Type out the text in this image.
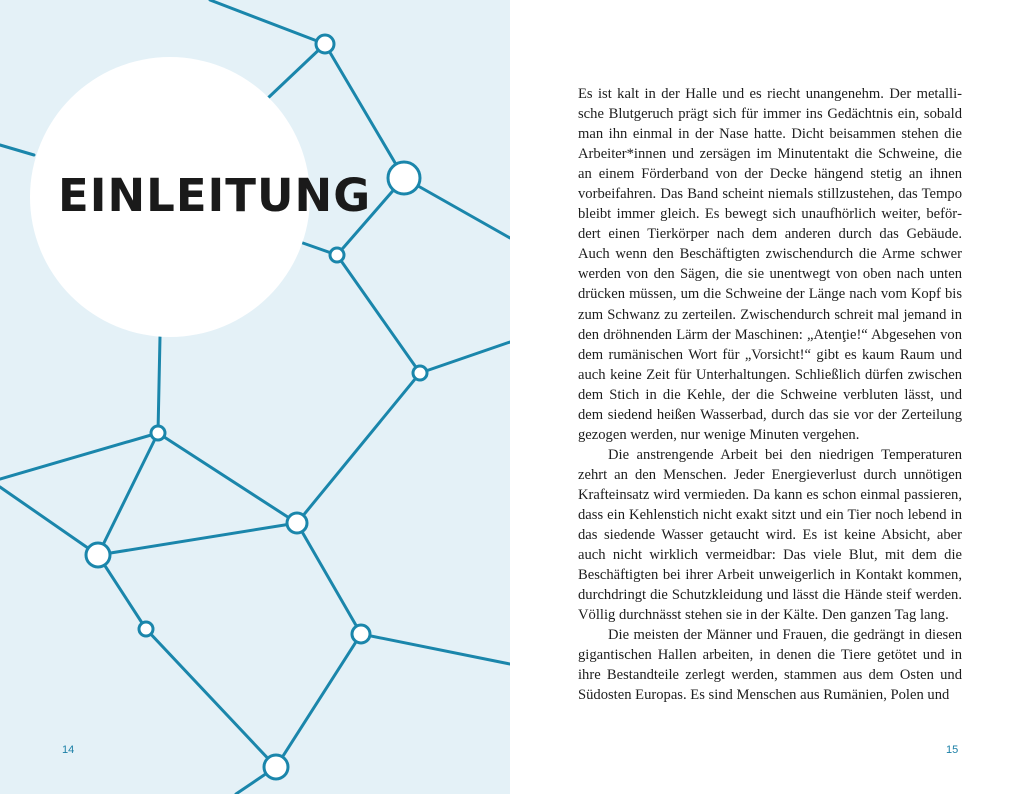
EINLEITUNG
14

Es ist kalt in der Halle und es riecht unangenehm. Der metallische Blutgeruch prägt sich für immer ins Gedächtnis ein, sobald man ihn einmal in der Nase hatte. Dicht beisammen stehen die Arbeiter*innen und zersägen im Minutentakt die Schweine, die an einem Förderband von der Decke hängend stetig an ihnen vorbeifahren. Das Band scheint niemals stillzustehen, das Tempo bleibt immer gleich. Es bewegt sich unaufhörlich weiter, befördert einen Tierkörper nach dem anderen durch das Gebäude. Auch wenn den Beschäftigten zwischendurch die Arme schwer werden von den Sägen, die sie unentwegt von oben nach unten drücken müssen, um die Schweine der Länge nach vom Kopf bis zum Schwanz zu zerteilen. Zwischendurch schreit mal jemand in den dröhnenden Lärm der Maschinen: „Atenţie!“ Abgesehen von dem rumänischen Wort für „Vorsicht!“ gibt es kaum Raum und auch keine Zeit für Unterhaltungen. Schließlich dürfen zwischen dem Stich in die Kehle, der die Schweine verbluten lässt, und dem siedend heißen Wasserbad, durch das sie vor der Zerteilung gezogen werden, nur wenige Minuten vergehen.

Die anstrengende Arbeit bei den niedrigen Temperaturen zehrt an den Menschen. Jeder Energieverlust durch unnötigen Krafteinsatz wird vermieden. Da kann es schon einmal passieren, dass ein Kehlenstich nicht exakt sitzt und ein Tier noch lebend in das siedende Wasser getaucht wird. Es ist keine Absicht, aber auch nicht wirklich vermeidbar: Das viele Blut, mit dem die Beschäftigten bei ihrer Arbeit unweigerlich in Kontakt kommen, durchdringt die Schutzkleidung und lässt die Hände steif werden. Völlig durchnässt stehen sie in der Kälte. Den ganzen Tag lang.

Die meisten der Männer und Frauen, die gedrängt in diesen gigantischen Hallen arbeiten, in denen die Tiere getötet und in ihre Bestandteile zerlegt werden, stammen aus dem Osten und Südosten Europas. Es sind Menschen aus Rumänien, Polen und

15
